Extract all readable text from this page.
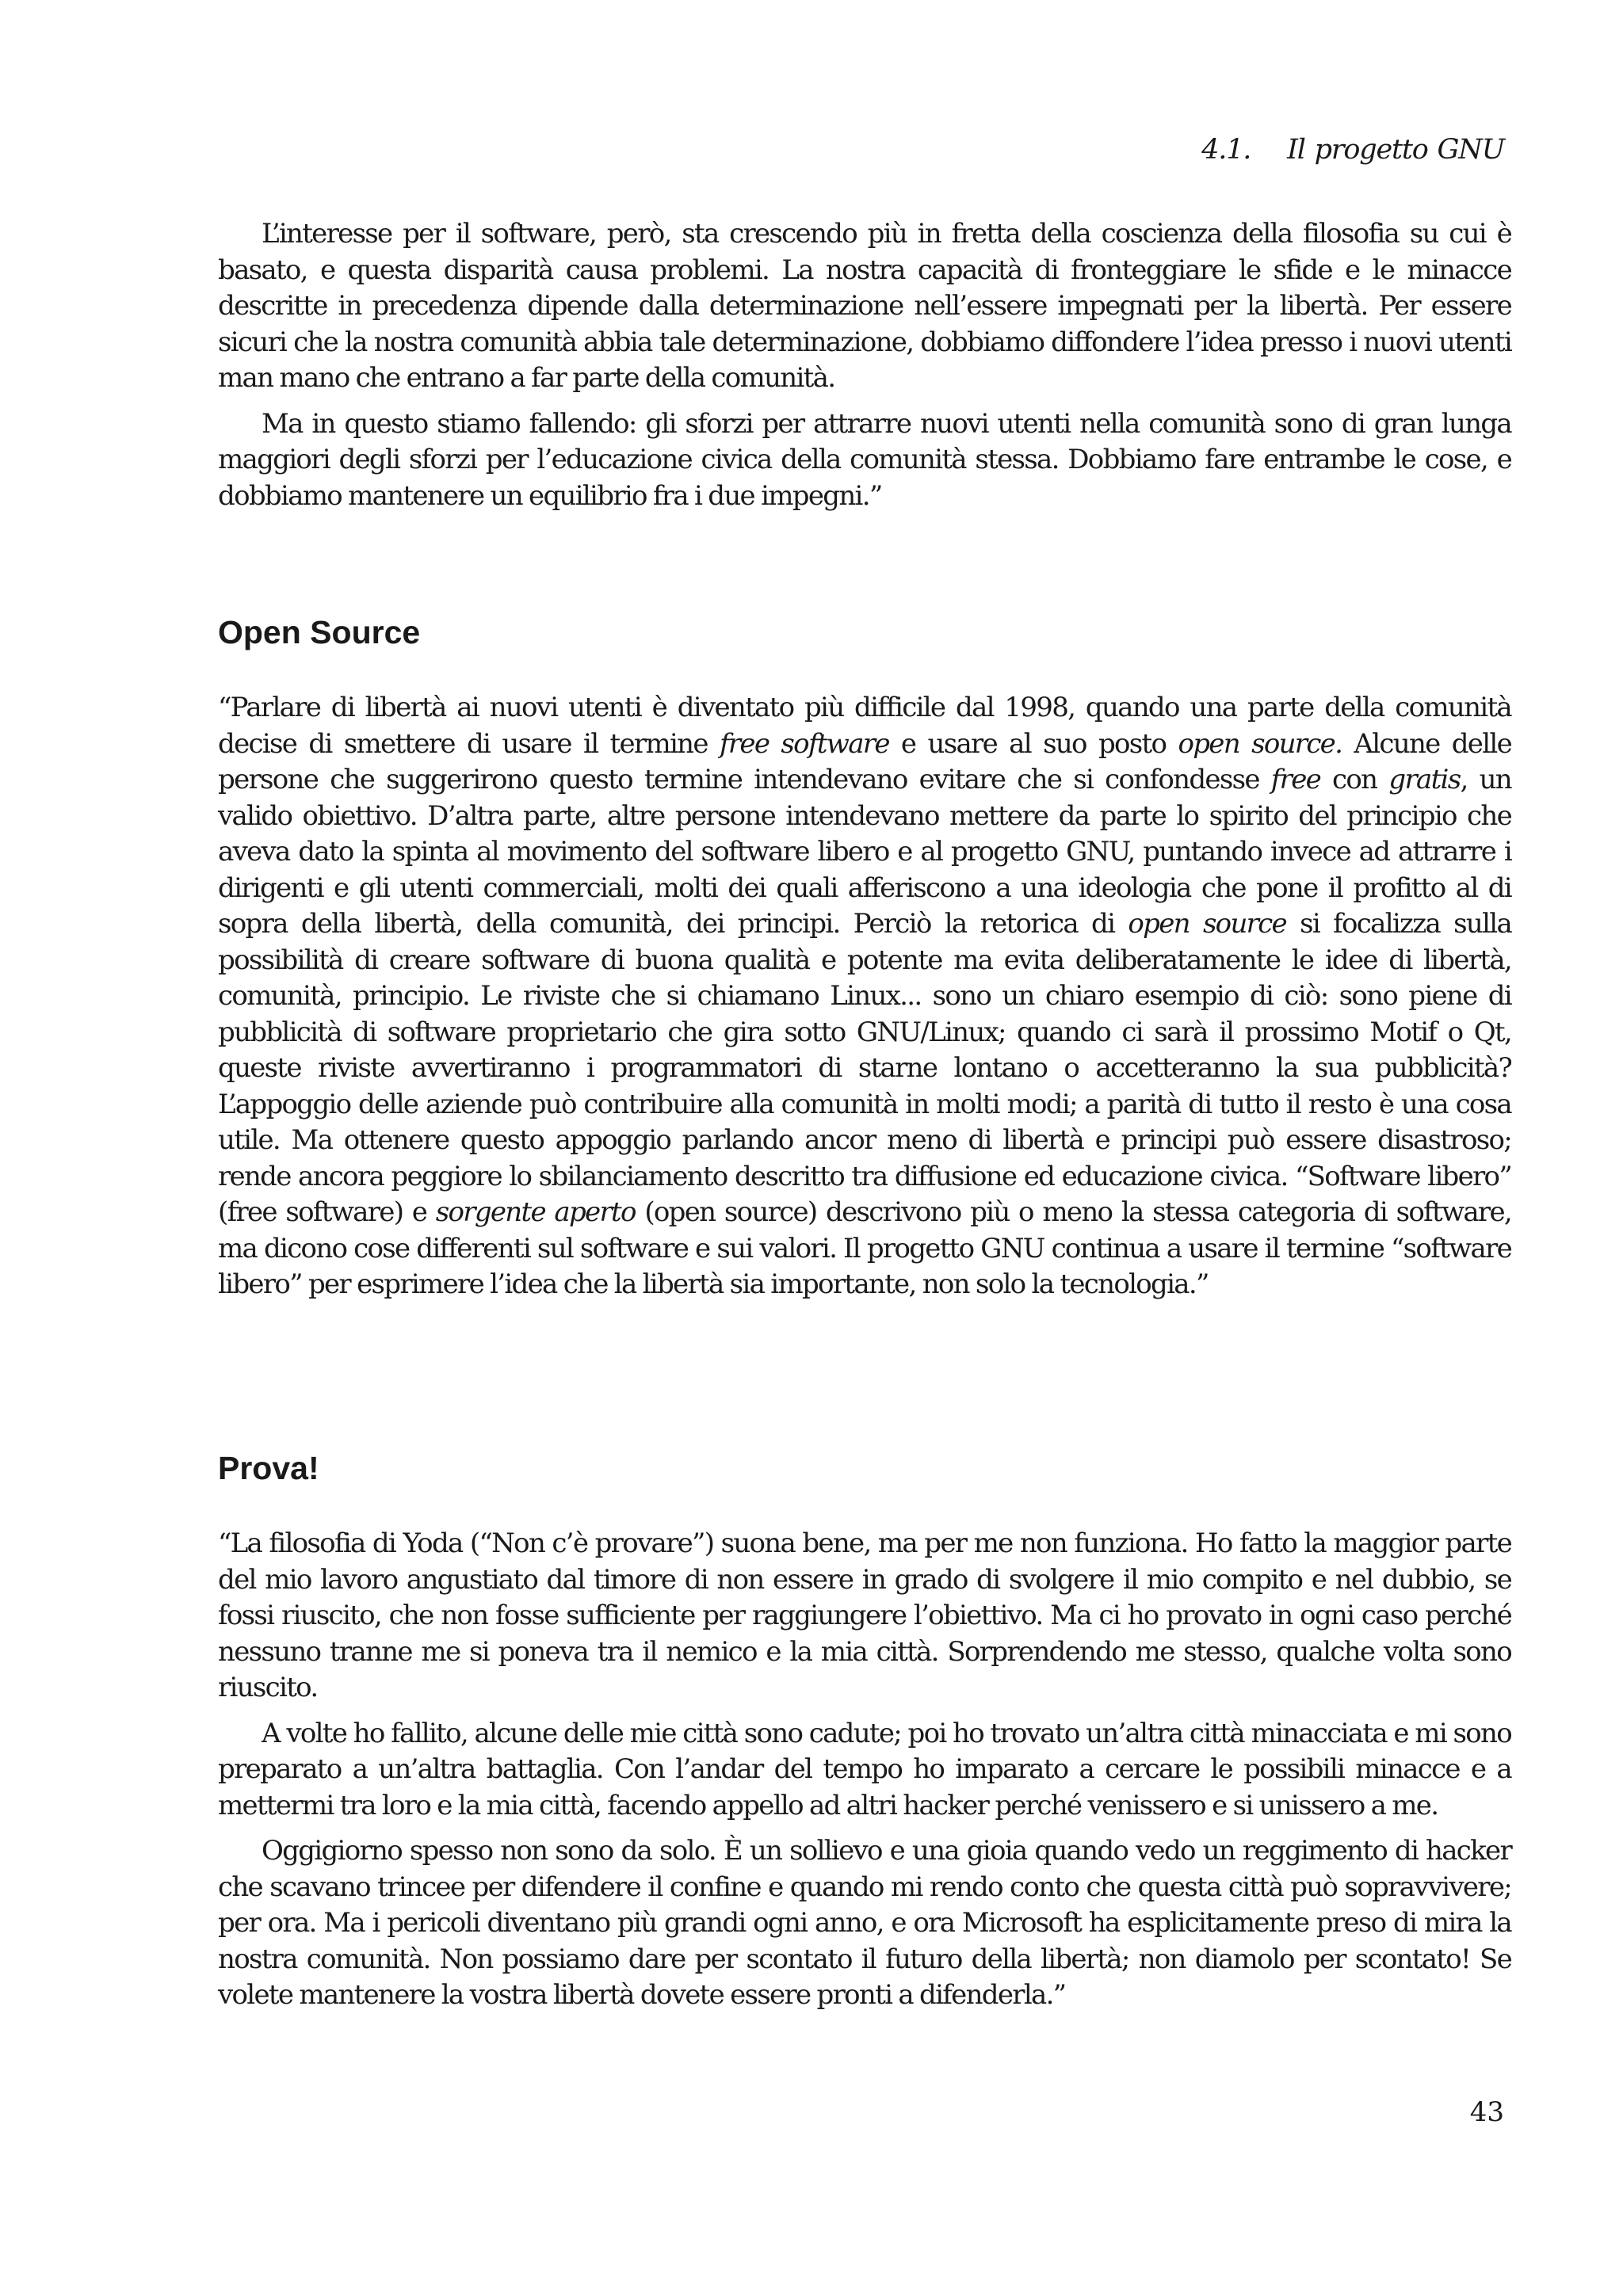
4.1. Il progetto GNU

L’interesse per il software, però, sta crescendo più in fretta della coscienza della filosofia su cui è basato, e questa disparità causa problemi. La nostra capacità di fronteggiare le sfide e le minacce descritte in precedenza dipende dalla determinazione nell’essere impegnati per la libertà. Per essere sicuri che la nostra comunità abbia tale determinazione, dobbiamo diffondere l’idea presso i nuovi utenti man mano che entrano a far parte della comunità.

Ma in questo stiamo fallendo: gli sforzi per attrarre nuovi utenti nella comunità sono di gran lunga maggiori degli sforzi per l’educazione civica della comunità stessa. Dobbiamo fare entrambe le cose, e dobbiamo mantenere un equilibrio fra i due impegni.”

Open Source

“Parlare di libertà ai nuovi utenti è diventato più difficile dal 1998, quando una parte della comunità decise di smettere di usare il termine free software e usare al suo posto open source. Alcune delle persone che suggerirono questo termine intendevano evitare che si confondesse free con gratis, un valido obiettivo. D’altra parte, altre persone intendevano mettere da parte lo spirito del principio che aveva dato la spinta al movimento del software libero e al progetto GNU, puntando invece ad attrarre i dirigenti e gli utenti commerciali, molti dei quali afferiscono a una ideologia che pone il profitto al di sopra della libertà, della comunità, dei principi. Perciò la retorica di open source si focalizza sulla possibilità di creare software di buona qualità e potente ma evita deliberatamente le idee di libertà, comunità, principio. Le riviste che si chiamano Linux... sono un chiaro esempio di ciò: sono piene di pubblicità di software proprietario che gira sotto GNU/Linux; quando ci sarà il prossimo Motif o Qt, queste riviste avvertiranno i programmatori di starne lontano o accetteranno la sua pubblicità? L’appoggio delle aziende può contribuire alla comunità in molti modi; a parità di tutto il resto è una cosa utile. Ma ottenere questo appoggio parlando ancor meno di libertà e principi può essere disastroso; rende ancora peggiore lo sbilanciamento descritto tra diffusione ed educazione civica. “Software libero” (free software) e sorgente aperto (open source) descrivono più o meno la stessa categoria di software, ma dicono cose differenti sul software e sui valori. Il progetto GNU continua a usare il termine “software libero” per esprimere l’idea che la libertà sia importante, non solo la tecnologia.”

Prova!

“La filosofia di Yoda (“Non c’è provare”) suona bene, ma per me non funziona. Ho fatto la maggior parte del mio lavoro angustiato dal timore di non essere in grado di svolgere il mio compito e nel dubbio, se fossi riuscito, che non fosse sufficiente per raggiungere l’obiettivo. Ma ci ho provato in ogni caso perché nessuno tranne me si poneva tra il nemico e la mia città. Sorprendendo me stesso, qualche volta sono riuscito.

A volte ho fallito, alcune delle mie città sono cadute; poi ho trovato un’altra città minacciata e mi sono preparato a un’altra battaglia. Con l’andar del tempo ho imparato a cercare le possibili minacce e a mettermi tra loro e la mia città, facendo appello ad altri hacker perché venissero e si unissero a me.

Oggigiorno spesso non sono da solo. È un sollievo e una gioia quando vedo un reggimento di hacker che scavano trincee per difendere il confine e quando mi rendo conto che questa città può sopravvivere; per ora. Ma i pericoli diventano più grandi ogni anno, e ora Microsoft ha esplicitamente preso di mira la nostra comunità. Non possiamo dare per scontato il futuro della libertà; non diamolo per scontato! Se volete mantenere la vostra libertà dovete essere pronti a difenderla.”

43
